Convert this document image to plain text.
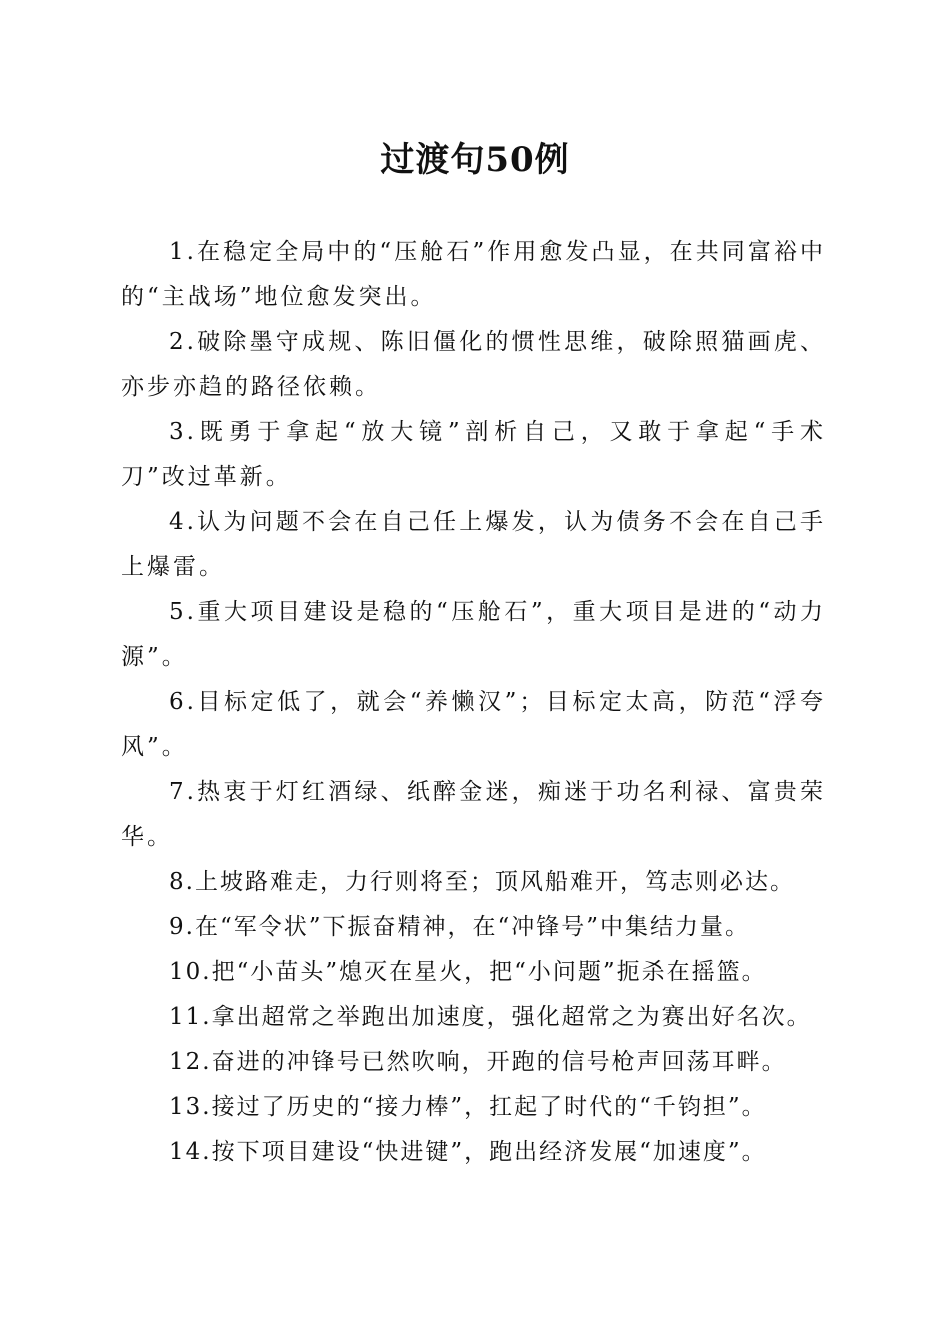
过渡句50例

1.在稳定全局中的“压舱石”作用愈发凸显，在共同富裕中的“主战场”地位愈发突出。

2.破除墨守成规、陈旧僵化的惯性思维，破除照猫画虎、亦步亦趋的路径依赖。

3.既勇于拿起“放大镜”剖析自己，又敢于拿起“手术刀”改过革新。

4.认为问题不会在自己任上爆发，认为债务不会在自己手上爆雷。

5.重大项目建设是稳的“压舱石”，重大项目是进的“动力源”。

6.目标定低了，就会“养懒汉”；目标定太高，防范“浮夸风”。

7.热衷于灯红酒绿、纸醉金迷，痴迷于功名利禄、富贵荣华。

8.上坡路难走，力行则将至；顶风船难开，笃志则必达。

9.在“军令状”下振奋精神，在“冲锋号”中集结力量。

10.把“小苗头”熄灭在星火，把“小问题”扼杀在摇篮。

11.拿出超常之举跑出加速度，强化超常之为赛出好名次。

12.奋进的冲锋号已然吹响，开跑的信号枪声回荡耳畔。

13.接过了历史的“接力棒”，扛起了时代的“千钧担”。

14.按下项目建设“快进键”，跑出经济发展“加速度”。
